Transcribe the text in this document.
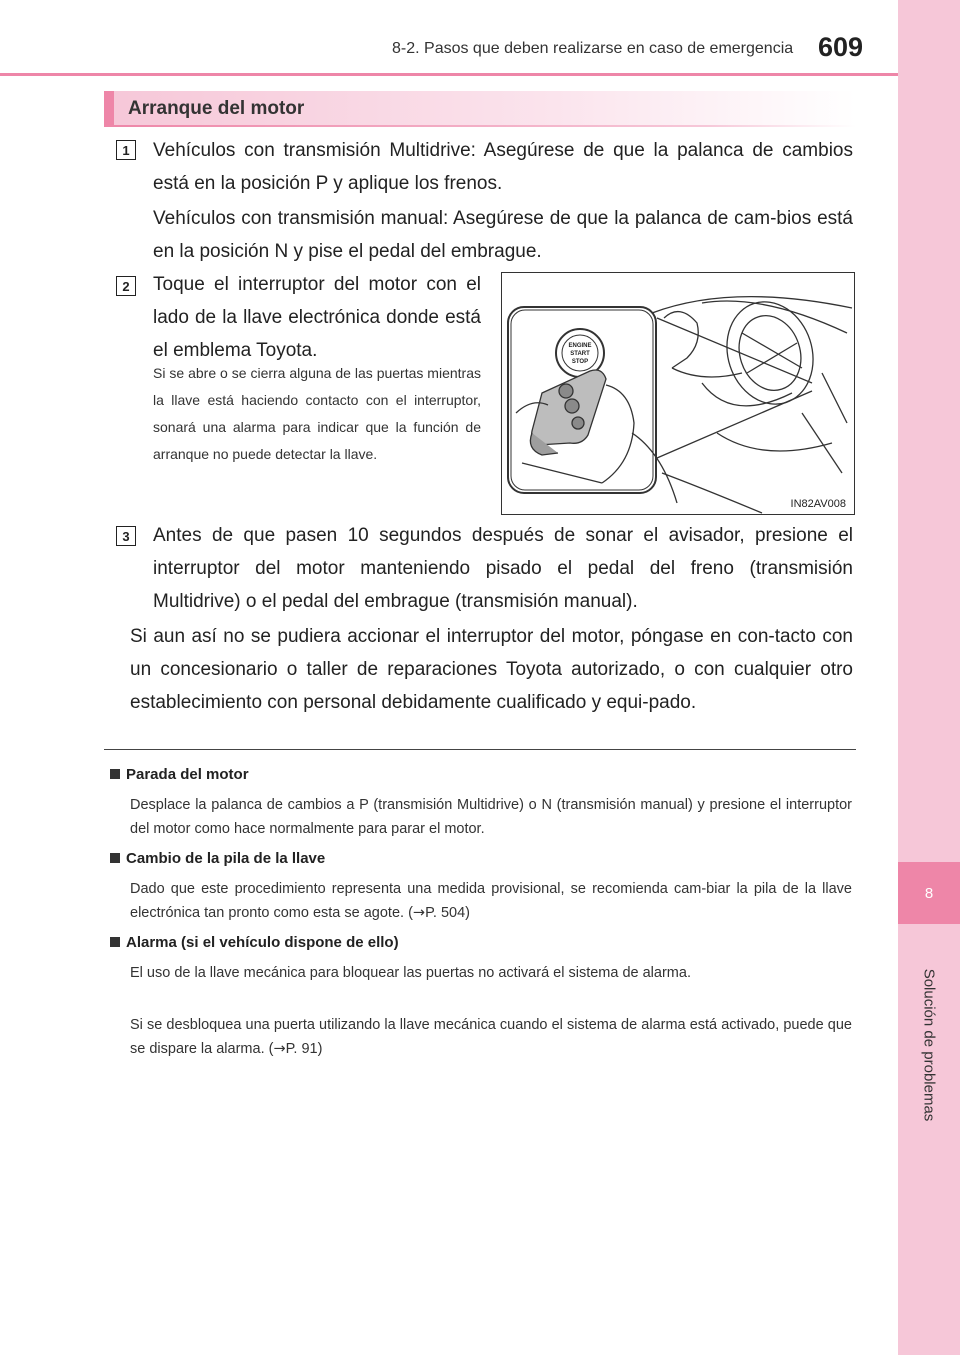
8
Solución de problemas
8-2. Pasos que deben realizarse en caso de emergencia 609
Arranque del motor
1	Vehículos con transmisión Multidrive: Asegúrese de que la palanca de cambios está en la posición P y aplique los frenos.
Vehículos con transmisión manual: Asegúrese de que la palanca de cam-bios está en la posición N y pise el pedal del embrague.
2	Toque el interruptor del motor con el lado de la llave electrónica donde está el emblema Toyota.
Si se abre o se cierra alguna de las puertas mientras la llave está haciendo contacto con el interruptor, sonará una alarma para indicar que la función de arranque no puede detectar la llave.
ENGINE
START
STOP
IN82AV008
3	Antes de que pasen 10 segundos después de sonar el avisador, presione el interruptor del motor manteniendo pisado el pedal del freno (transmisión Multidrive) o el pedal del embrague (transmisión manual).
Si aun así no se pudiera accionar el interruptor del motor, póngase en con-tacto con un concesionario o taller de reparaciones Toyota autorizado, o con cualquier otro establecimiento con personal debidamente cualificado y equi-pado.
Parada del motor
Desplace la palanca de cambios a P (transmisión Multidrive) o N (transmisión manual) y presione el interruptor del motor como hace normalmente para parar el motor.
Cambio de la pila de la llave
Dado que este procedimiento representa una medida provisional, se recomienda cam-biar la pila de la llave electrónica tan pronto como esta se agote. (→P. 504)
Alarma (si el vehículo dispone de ello)
El uso de la llave mecánica para bloquear las puertas no activará el sistema de alarma.
Si se desbloquea una puerta utilizando la llave mecánica cuando el sistema de alarma está activado, puede que se dispare la alarma. (→P. 91)
